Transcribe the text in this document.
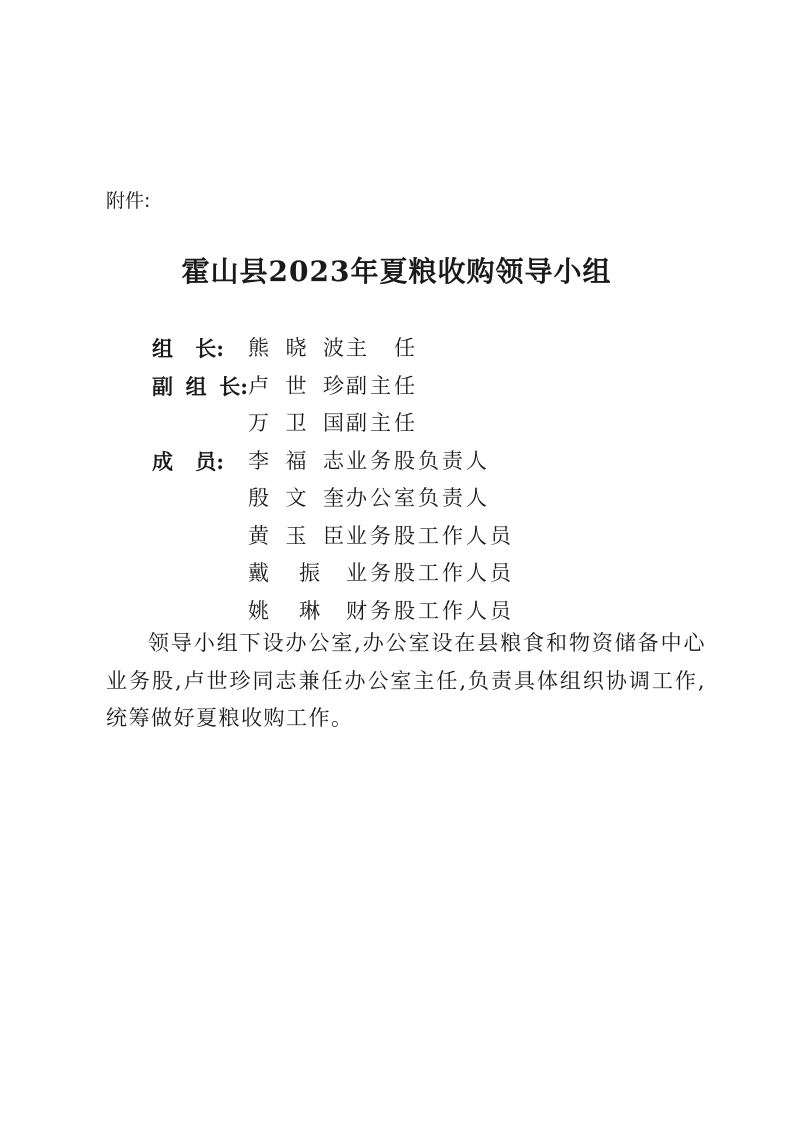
附件:
霍山县2023年夏粮收购领导小组
组 长: 熊 晓 波 主　任
副 组 长: 卢 世 珍 副主任
万 卫 国 副主任
成 员: 李 福 志 业务股负责人
殷 文 奎 办公室负责人
黄 玉 臣 业务股工作人员
戴 振 业务股工作人员
姚 琳 财务股工作人员
领导小组下设办公室,办公室设在县粮食和物资储备中心业务股,卢世珍同志兼任办公室主任,负责具体组织协调工作,统筹做好夏粮收购工作。
